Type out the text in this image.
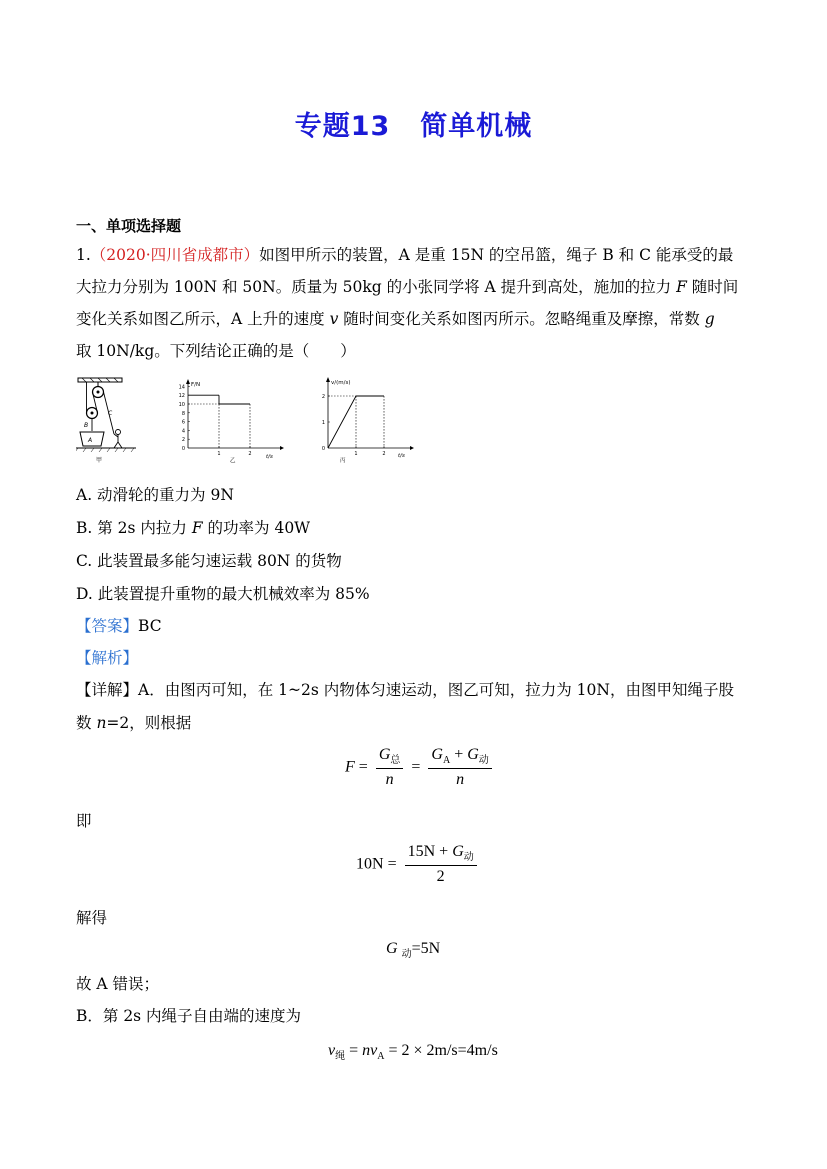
专题13 简单机械
一、单项选择题
1.（2020·四川省成都市）如图甲所示的装置，A 是重 15N 的空吊篮，绳子 B 和 C 能承受的最
大拉力分别为 100N 和 50N。质量为 50kg 的小张同学将 A 提升到高处，施加的拉力 F 随时间
变化关系如图乙所示，A 上升的速度 v 随时间变化关系如图丙所示。忽略绳重及摩擦，常数 g
取 10N/kg。下列结论正确的是（　　）
B
C
A
甲
F/N
t/s
14
12
10
8
6
4
2
0
1	2
乙
v/(m/s)
t/s
2
1
0
1	2
丙
A. 动滑轮的重力为 9N
B. 第 2s 内拉力 F 的功率为 40W
C. 此装置最多能匀速运载 80N 的货物
D. 此装置提升重物的最大机械效率为 85%
【答案】BC
【解析】
【详解】A．由图丙可知，在 1~2s 内物体匀速运动，图乙可知，拉力为 10N，由图甲知绳子股
数 n=2，则根据
$F = \frac{G_总}{n} = \frac{G_A + G_动}{n}$
即
$10N = \frac{15N + G_动}{2}$
解得
G $_动$=5N
故 A 错误；
B．第 2s 内绳子自由端的速度为
$v_绳 = nv_A = 2 \times 2m/s=4m/s$
